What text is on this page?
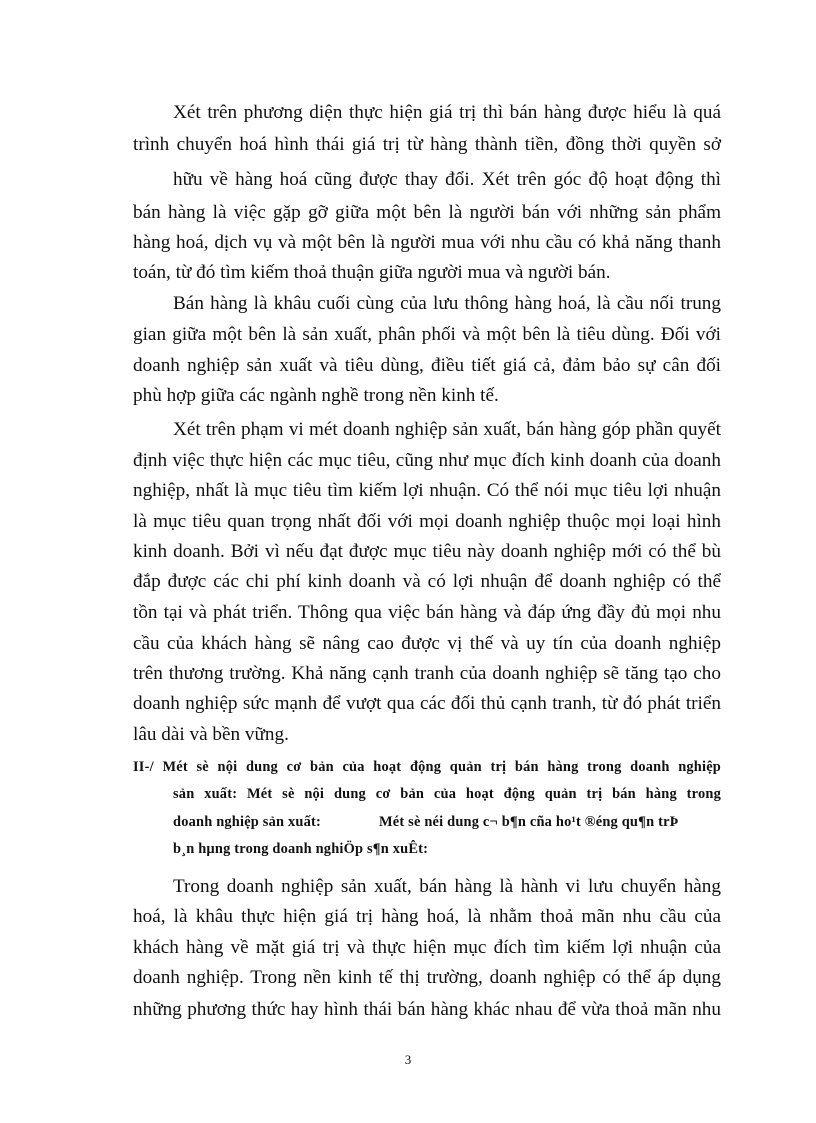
Xét trên phương diện thực hiện giá trị thì bán hàng được hiểu là quá
trình chuyển hoá hình thái giá trị từ hàng thành tiền, đồng thời quyền sở
hữu về hàng hoá cũng được thay đổi. Xét trên góc độ hoạt động thì
bán hàng là việc gặp gỡ giữa một bên là người bán với những sản phẩm
hàng hoá, dịch vụ và một bên là người mua với nhu cầu có khả năng thanh
toán, từ đó tìm kiếm thoả thuận giữa người mua và người bán.
Bán hàng là khâu cuối cùng của lưu thông hàng hoá, là cầu nối trung
gian giữa một bên là sản xuất, phân phối và một bên là tiêu dùng. Đối với
doanh nghiệp sản xuất và tiêu dùng, điều tiết giá cả, đảm bảo sự cân đối
phù hợp giữa các ngành nghề trong nền kinh tế.
Xét trên phạm vi mét doanh nghiệp sản xuất, bán hàng góp phần quyết
định việc thực hiện các mục tiêu, cũng như mục đích kinh doanh của doanh
nghiệp, nhất là mục tiêu tìm kiếm lợi nhuận. Có thể nói mục tiêu lợi nhuận
là mục tiêu quan trọng nhất đối với mọi doanh nghiệp thuộc mọi loại hình
kinh doanh. Bởi vì nếu đạt được mục tiêu này doanh nghiệp mới có thể bù
đắp được các chi phí kinh doanh và có lợi nhuận để doanh nghiệp có thể
tồn tại và phát triển. Thông qua việc bán hàng và đáp ứng đầy đủ mọi nhu
cầu của khách hàng sẽ nâng cao được vị thế và uy tín của doanh nghiệp
trên thương trường. Khả năng cạnh tranh của doanh nghiệp sẽ tăng tạo cho
doanh nghiệp sức mạnh để vượt qua các đối thủ cạnh tranh, từ đó phát triển
lâu dài và bền vững.
II-/ Mét sè nội dung cơ bản của hoạt động quản trị bán hàng trong doanh nghiệp
sản xuất: Mét sè nội dung cơ bản của hoạt động quản trị bán hàng trong
doanh nghiệp sản xuất:	Mét sè néi dung c¬ b¶n cña ho¹t ®éng qu¶n trÞ
b¸n hµng trong doanh nghiÖp s¶n xuÊt:
Trong doanh nghiệp sản xuất, bán hàng là hành vi lưu chuyển hàng
hoá, là khâu thực hiện giá trị hàng hoá, là nhằm thoả mãn nhu cầu của
khách hàng về mặt giá trị và thực hiện mục đích tìm kiếm lợi nhuận của
doanh nghiệp. Trong nền kinh tế thị trường, doanh nghiệp có thể áp dụng
những phương thức hay hình thái bán hàng khác nhau để vừa thoả mãn nhu
3
